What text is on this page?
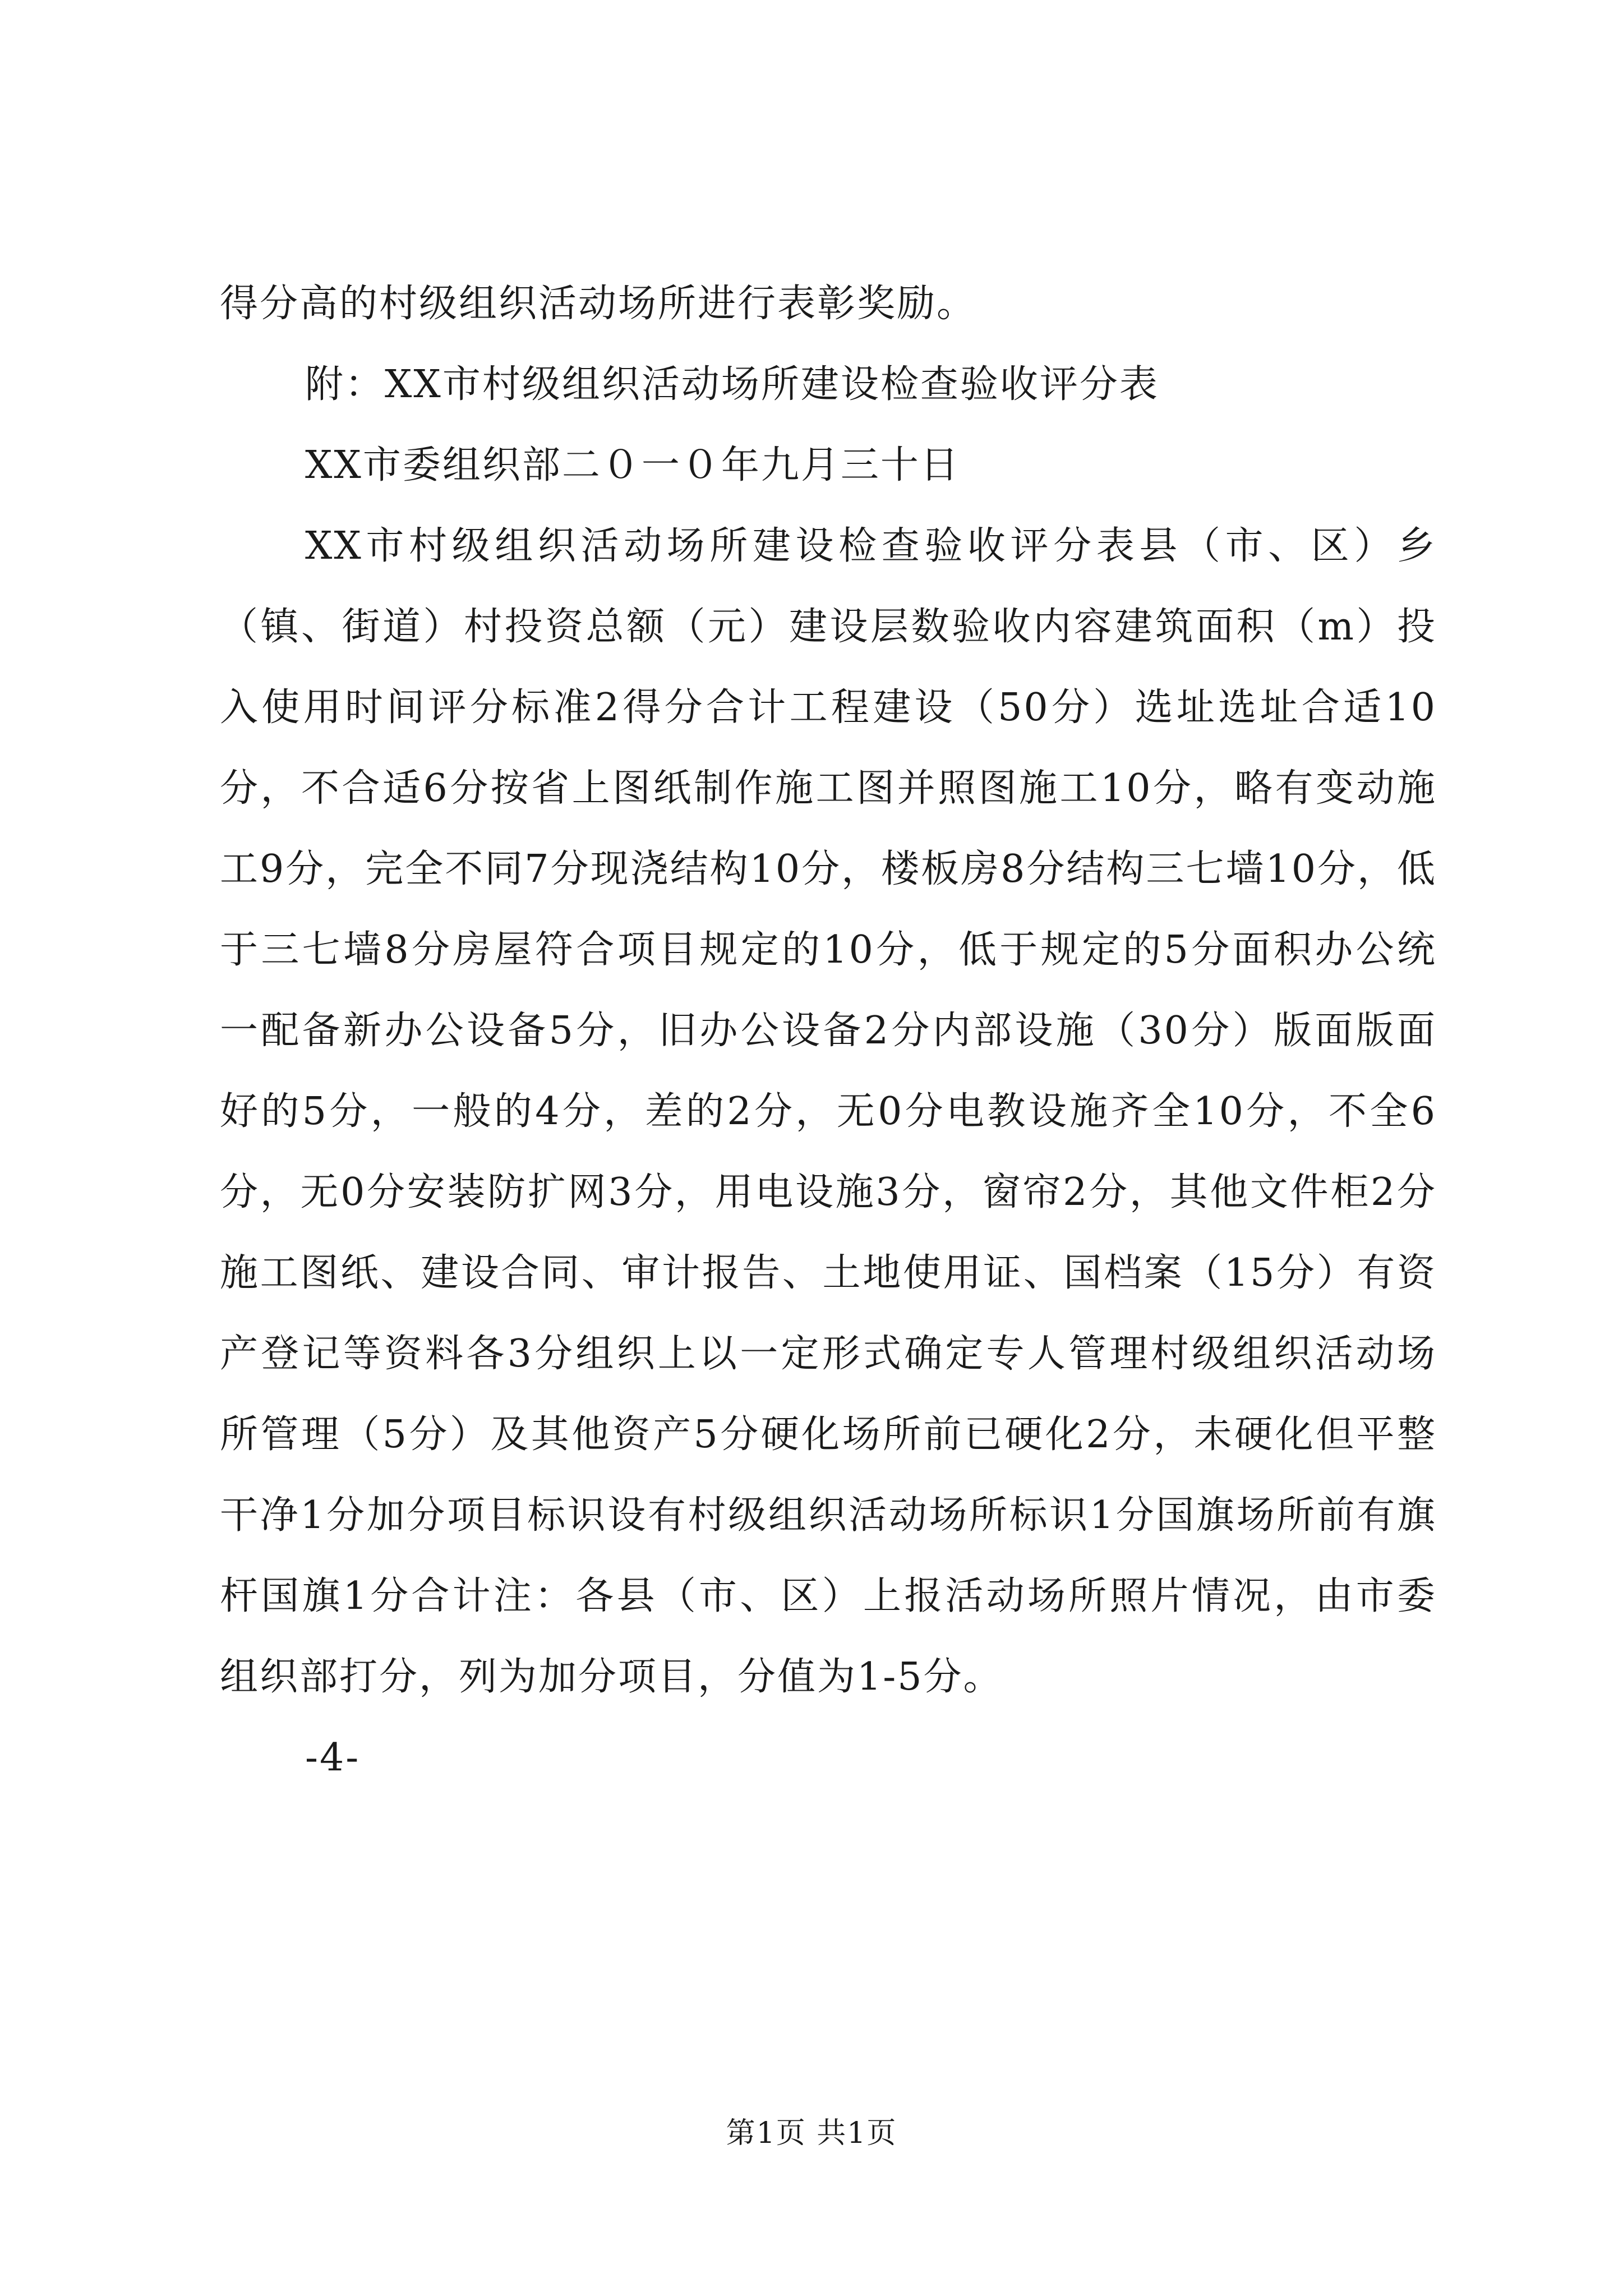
得分高的村级组织活动场所进行表彰奖励。

附：XX市村级组织活动场所建设检查验收评分表

XX市委组织部二０一０年九月三十日

XX市村级组织活动场所建设检查验收评分表县（市、区）乡（镇、街道）村投资总额（元）建设层数验收内容建筑面积（m）投入使用时间评分标准2得分合计工程建设（50分）选址选址合适10分，不合适6分按省上图纸制作施工图并照图施工10分，略有变动施工9分，完全不同7分现浇结构10分，楼板房8分结构三七墙10分，低于三七墙8分房屋符合项目规定的10分，低于规定的5分面积办公统一配备新办公设备5分，旧办公设备2分内部设施（30分）版面版面好的5分，一般的4分，差的2分，无0分电教设施齐全10分，不全6分，无0分安装防扩网3分，用电设施3分，窗帘2分，其他文件柜2分施工图纸、建设合同、审计报告、土地使用证、国档案（15分）有资产登记等资料各3分组织上以一定形式确定专人管理村级组织活动场所管理（5分）及其他资产5分硬化场所前已硬化2分，未硬化但平整干净1分加分项目标识设有村级组织活动场所标识1分国旗场所前有旗杆国旗1分合计注：各县（市、区）上报活动场所照片情况，由市委组织部打分，列为加分项目，分值为1-5分。

-4-

第1页 共1页
